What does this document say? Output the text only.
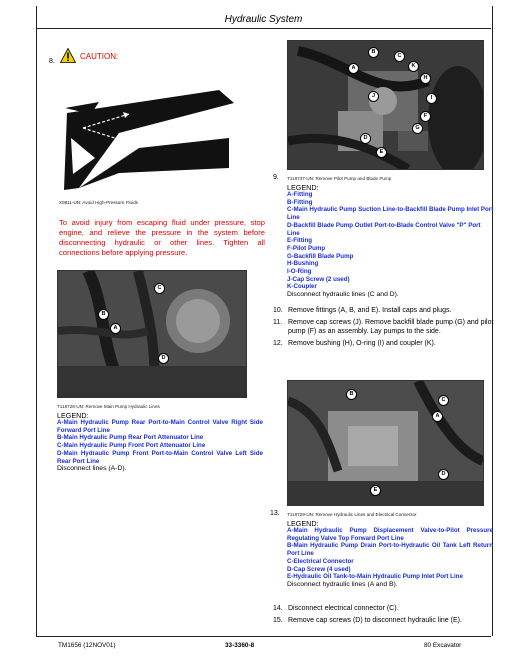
Hydraulic System
8.
CAUTION:
X9811-UN: Avoid High-Pressure Fluids
To avoid injury from escaping fluid under pressure, stop engine, and relieve the pressure in the system before disconnecting hydraulic or other lines. Tighten all connections before applying pressure.
B
C
K
H
A
J	I
F
G
D
E
9. T118737-UN: Remove Pilot Pump and Blade Pump
LEGEND:
A-Fitting
B-Fitting
C-Main Hydraulic Pump Suction Line-to-Backfill Blade Pump Inlet Port Line
D-Backfill Blade Pump Outlet Port-to-Blade Control Valve "P" Port Line
E-Fitting
F-Pilot Pump
G-Backfill Blade Pump
H-Bushing
I-O-Ring
J-Cap Screw (2 used)
K-Coupler
Disconnect hydraulic lines (C and D).
10. Remove fittings (A, B, and E). Install caps and plugs.
11. Remove cap screws (J). Remove backfill blade pump (G) and pilot pump (F) as an assembly. Lay pumps to the side.
12. Remove bushing (H), O-ring (I) and coupler (K).
C
B
A
D
T118728-UN: Remove Main Pump Hydraulic Lines
LEGEND:
A-Main Hydraulic Pump Rear Port-to-Main Control Valve Right Side Forward Port Line
B-Main Hydraulic Pump Rear Port Attenuator Line
C-Main Hydraulic Pump Front Port Attenuator Line
D-Main Hydraulic Pump Front Port-to-Main Control Valve Left Side Rear Port Line
Disconnect lines (A-D).
B
C
A
D
E
13. T118729-UN: Remove Hydraulic Lines and Electrical Connector
LEGEND:
A-Main Hydraulic Pump Displacement Valve-to-Pilot Pressure Regulating Valve Top Forward Port Line
B-Main Hydraulic Pump Drain Port-to-Hydraulic Oil Tank Left Return Port Line
C-Electrical Connector
D-Cap Screw (4 used)
E-Hydraulic Oil Tank-to-Main Hydraulic Pump Inlet Port Line
Disconnect hydraulic lines (A and B).
14. Disconnect electrical connector (C).
15. Remove cap screws (D) to disconnect hydraulic line (E).
TM1656 (12NOV01)	33-3360-8	80 Excavator
